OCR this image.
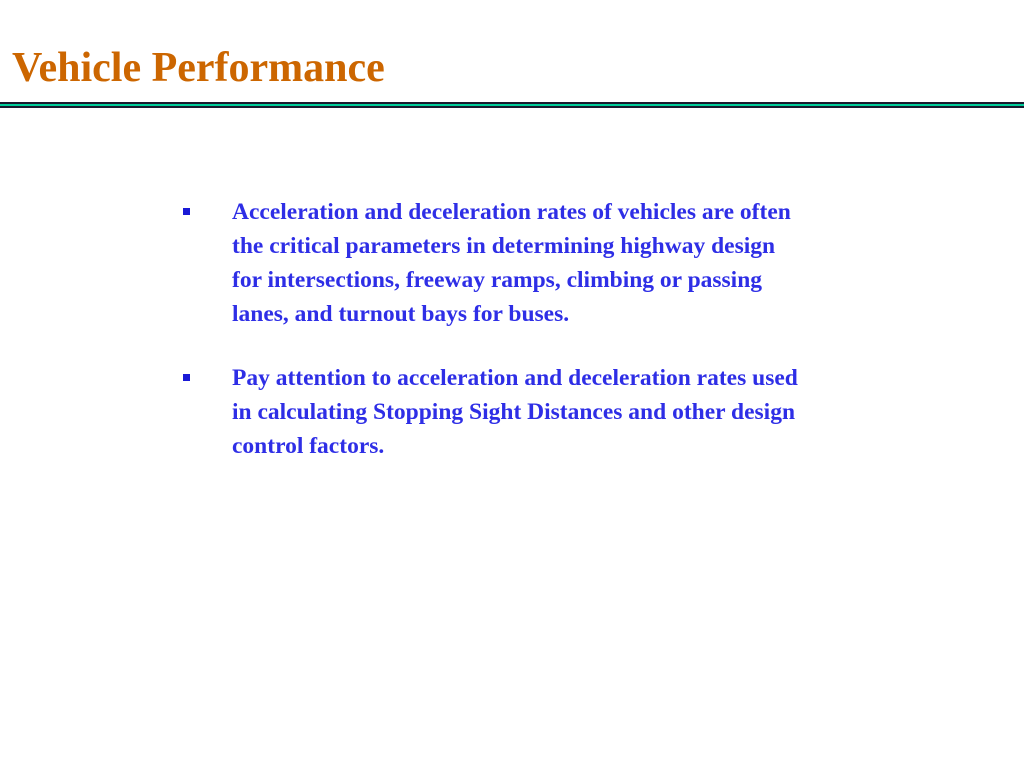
Vehicle Performance
Acceleration and deceleration rates of vehicles are often the critical parameters in determining highway design for intersections, freeway ramps, climbing or passing lanes, and turnout bays for buses.
Pay attention to acceleration and deceleration rates used in calculating Stopping Sight Distances and other design control factors.
